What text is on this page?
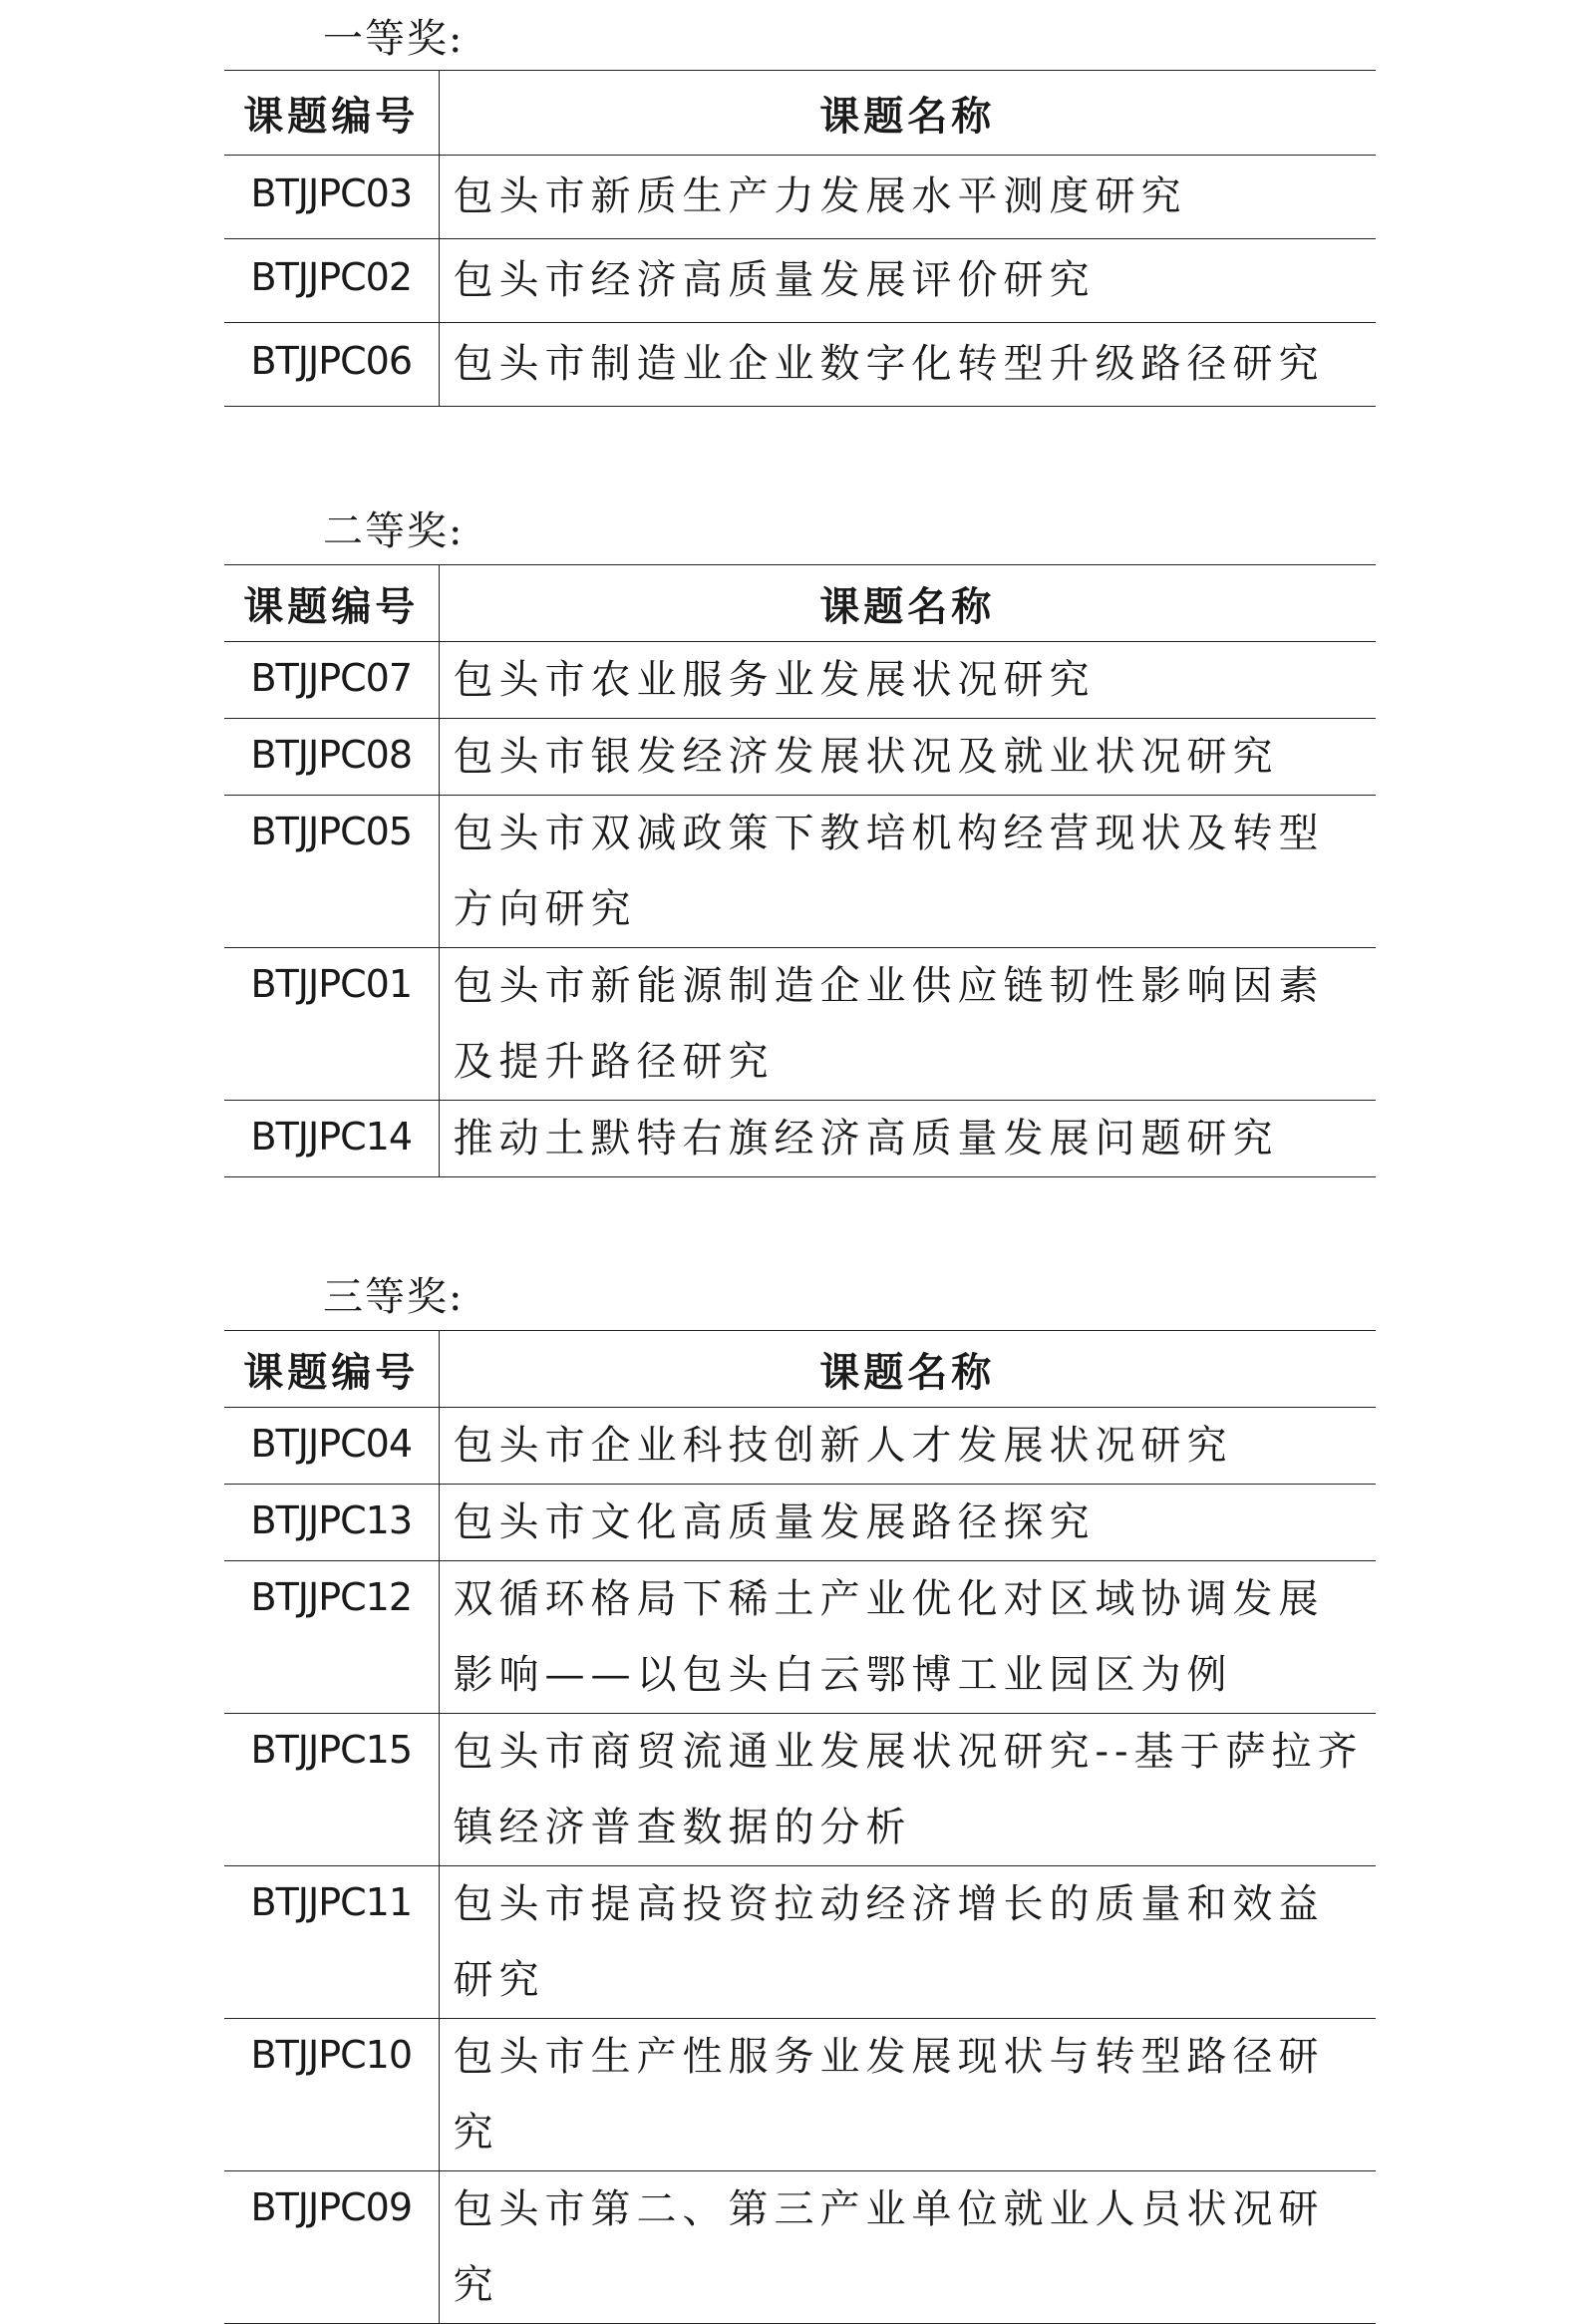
一等奖:
课题编号	课题名称
BTJJPC03	包头市新质生产力发展水平测度研究
BTJJPC02	包头市经济高质量发展评价研究
BTJJPC06	包头市制造业企业数字化转型升级路径研究
二等奖:
课题编号	课题名称
BTJJPC07	包头市农业服务业发展状况研究
BTJJPC08	包头市银发经济发展状况及就业状况研究
BTJJPC05	包头市双减政策下教培机构经营现状及转型方向研究
BTJJPC01	包头市新能源制造企业供应链韧性影响因素及提升路径研究
BTJJPC14	推动土默特右旗经济高质量发展问题研究
三等奖:
课题编号	课题名称
BTJJPC04	包头市企业科技创新人才发展状况研究
BTJJPC13	包头市文化高质量发展路径探究
BTJJPC12	双循环格局下稀土产业优化对区域协调发展影响——以包头白云鄂博工业园区为例
BTJJPC15	包头市商贸流通业发展状况研究--基于萨拉齐镇经济普查数据的分析
BTJJPC11	包头市提高投资拉动经济增长的质量和效益研究
BTJJPC10	包头市生产性服务业发展现状与转型路径研究
BTJJPC09	包头市第二、第三产业单位就业人员状况研究
